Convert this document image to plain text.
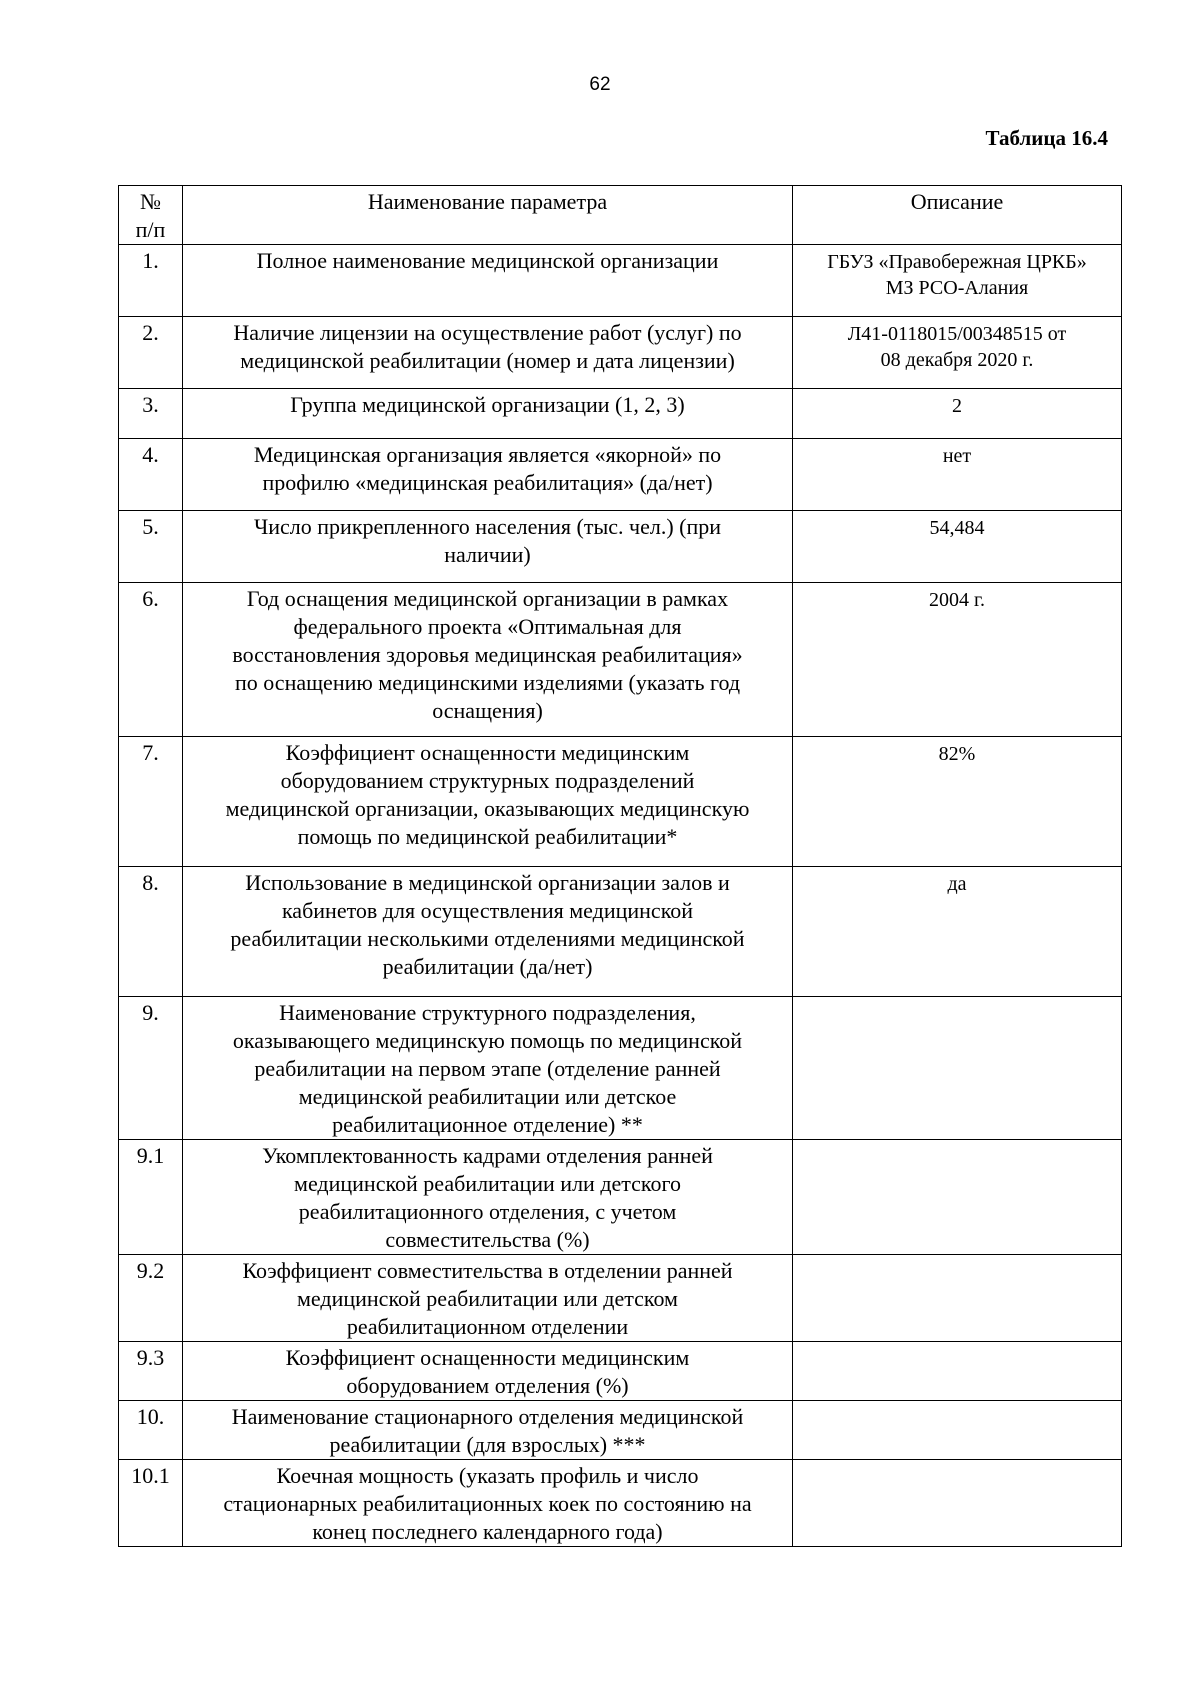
62
Таблица 16.4
№
п/п	Наименование параметра	Описание
1.	Полное наименование медицинской организации	ГБУЗ «Правобережная ЦРКБ»
МЗ РСО-Алания

2.	Наличие лицензии на осуществление работ (услуг) по
медицинской реабилитации (номер и дата лицензии)	Л41-0118015/00348515 от
08 декабря 2020 г.

3.	Группа медицинской организации (1, 2, 3)	2

4.	Медицинская организация является «якорной» по
профилю «медицинская реабилитация» (да/нет)	нет

5.	Число прикрепленного населения (тыс. чел.) (при
наличии)	54,484

6.	Год оснащения медицинской организации в рамках
федерального проекта «Оптимальная для
восстановления здоровья медицинская реабилитация»
по оснащению медицинскими изделиями (указать год
оснащения)	2004 г.

7.	Коэффициент оснащенности медицинским
оборудованием структурных подразделений
медицинской организации, оказывающих медицинскую
помощь по медицинской реабилитации*	82%

8.	Использование в медицинской организации залов и
кабинетов для осуществления медицинской
реабилитации несколькими отделениями медицинской
реабилитации (да/нет)	да

9.	Наименование структурного подразделения,
оказывающего медицинскую помощь по медицинской
реабилитации на первом этапе (отделение ранней
медицинской реабилитации или детское
реабилитационное отделение) **	

9.1	Укомплектованность кадрами отделения ранней
медицинской реабилитации или детского
реабилитационного отделения, с учетом
совместительства (%)	

9.2	Коэффициент совместительства в отделении ранней
медицинской реабилитации или детском
реабилитационном отделении	

9.3	Коэффициент оснащенности медицинским
оборудованием отделения (%)	

10.	Наименование стационарного отделения медицинской
реабилитации (для взрослых) ***	

10.1	Коечная мощность (указать профиль и число
стационарных реабилитационных коек по состоянию на
конец последнего календарного года)	
